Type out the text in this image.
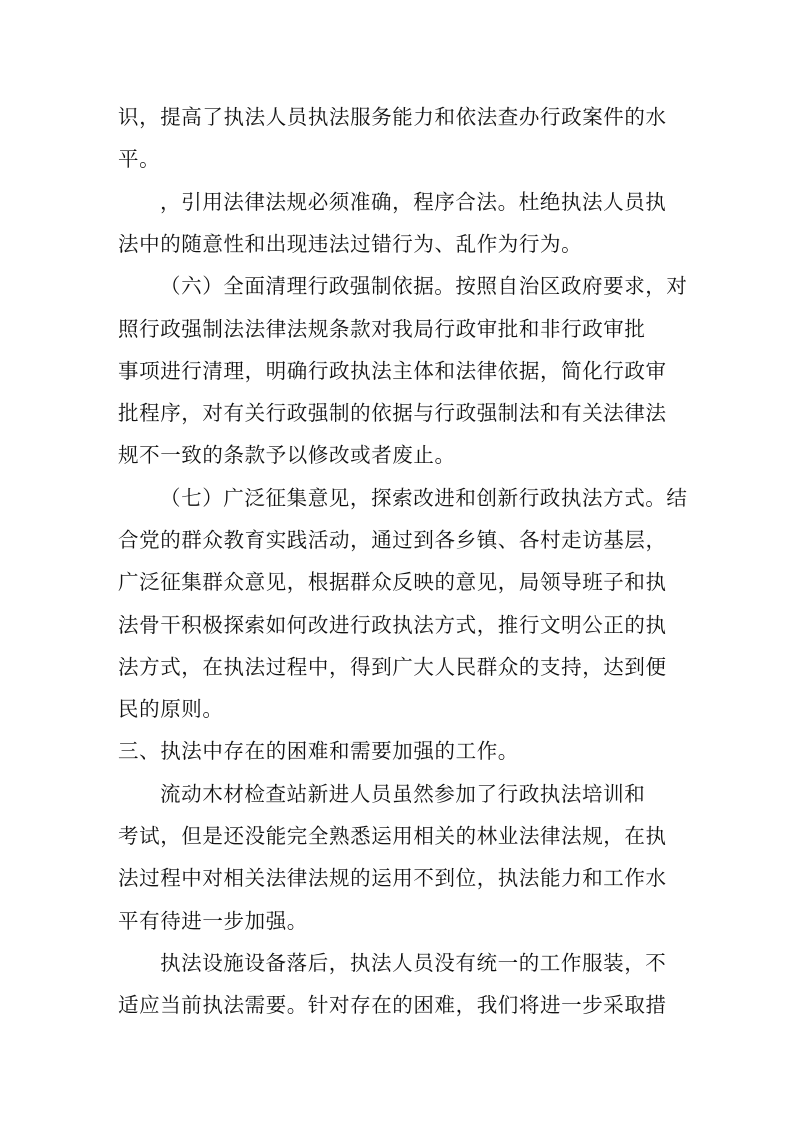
识，提高了执法人员执法服务能力和依法查办行政案件的水

平。

，引用法律法规必须准确，程序合法。杜绝执法人员执

法中的随意性和出现违法过错行为、乱作为行为。

（六）全面清理行政强制依据。按照自治区政府要求，对

照行政强制法法律法规条款对我局行政审批和非行政审批

事项进行清理，明确行政执法主体和法律依据，简化行政审

批程序，对有关行政强制的依据与行政强制法和有关法律法

规不一致的条款予以修改或者废止。

（七）广泛征集意见，探索改进和创新行政执法方式。结

合党的群众教育实践活动，通过到各乡镇、各村走访基层，

广泛征集群众意见，根据群众反映的意见，局领导班子和执

法骨干积极探索如何改进行政执法方式，推行文明公正的执

法方式，在执法过程中，得到广大人民群众的支持，达到便

民的原则。

三、执法中存在的困难和需要加强的工作。

流动木材检查站新进人员虽然参加了行政执法培训和

考试，但是还没能完全熟悉运用相关的林业法律法规，在执

法过程中对相关法律法规的运用不到位，执法能力和工作水

平有待进一步加强。

执法设施设备落后，执法人员没有统一的工作服装，不

适应当前执法需要。针对存在的困难，我们将进一步采取措
